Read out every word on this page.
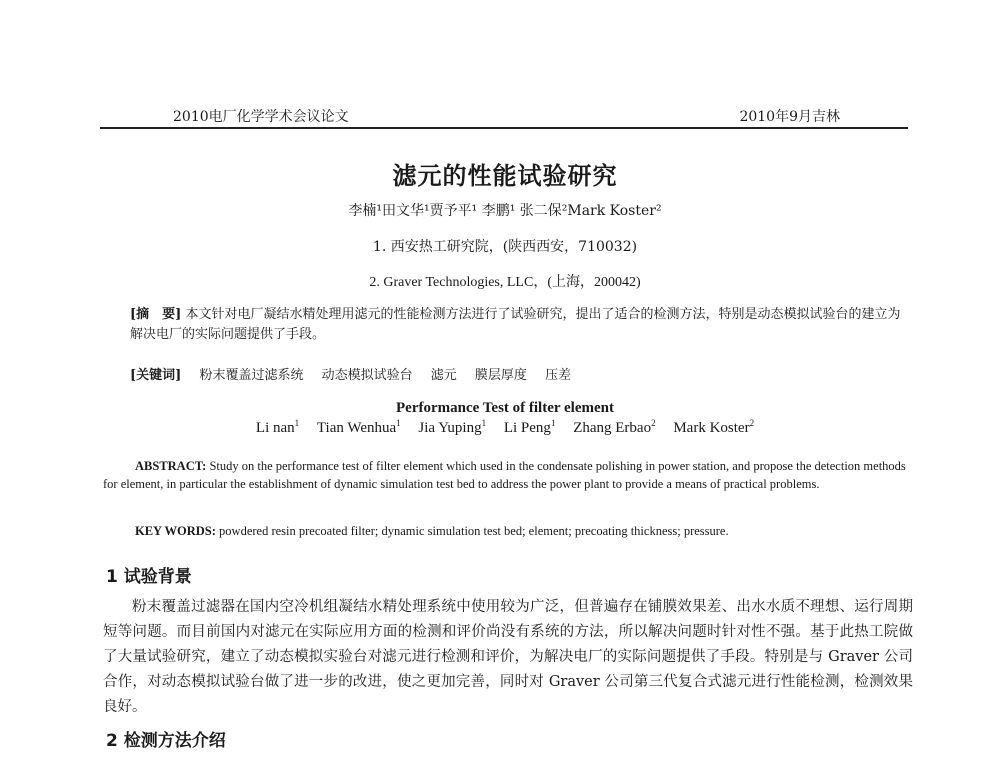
2010电厂化学学术会议论文	2010年9月吉林
滤元的性能试验研究
李楠¹田文华¹贾予平¹ 李鹏¹ 张二保²Mark Koster²
1. 西安热工研究院，(陕西西安，710032)
2. Graver Technologies, LLC，(上海，200042)
[摘　要] 本文针对电厂凝结水精处理用滤元的性能检测方法进行了试验研究，提出了适合的检测方法，特别是动态模拟试验台的建立为解决电厂的实际问题提供了手段。
[关键词] 粉末覆盖过滤系统 动态模拟试验台 滤元 膜层厚度 压差
Performance Test of filter element
Li nan$^1$ Tian Wenhua$^1$ Jia Yuping$^1$ Li Peng$^1$ Zhang Erbao$^2$ Mark Koster$^2$
ABSTRACT: Study on the performance test of filter element which used in the condensate polishing in power station, and propose the detection methods for element, in particular the establishment of dynamic simulation test bed to address the power plant to provide a means of practical problems.
KEY WORDS: powdered resin precoated filter; dynamic simulation test bed; element; precoating thickness; pressure.
1 试验背景
粉末覆盖过滤器在国内空冷机组凝结水精处理系统中使用较为广泛，但普遍存在铺膜效果差、出水水质不理想、运行周期短等问题。而目前国内对滤元在实际应用方面的检测和评价尚没有系统的方法，所以解决问题时针对性不强。基于此热工院做了大量试验研究，建立了动态模拟实验台对滤元进行检测和评价，为解决电厂的实际问题提供了手段。特别是与 Graver 公司合作，对动态模拟试验台做了进一步的改进，使之更加完善，同时对 Graver 公司第三代复合式滤元进行性能检测，检测效果良好。
2 检测方法介绍
